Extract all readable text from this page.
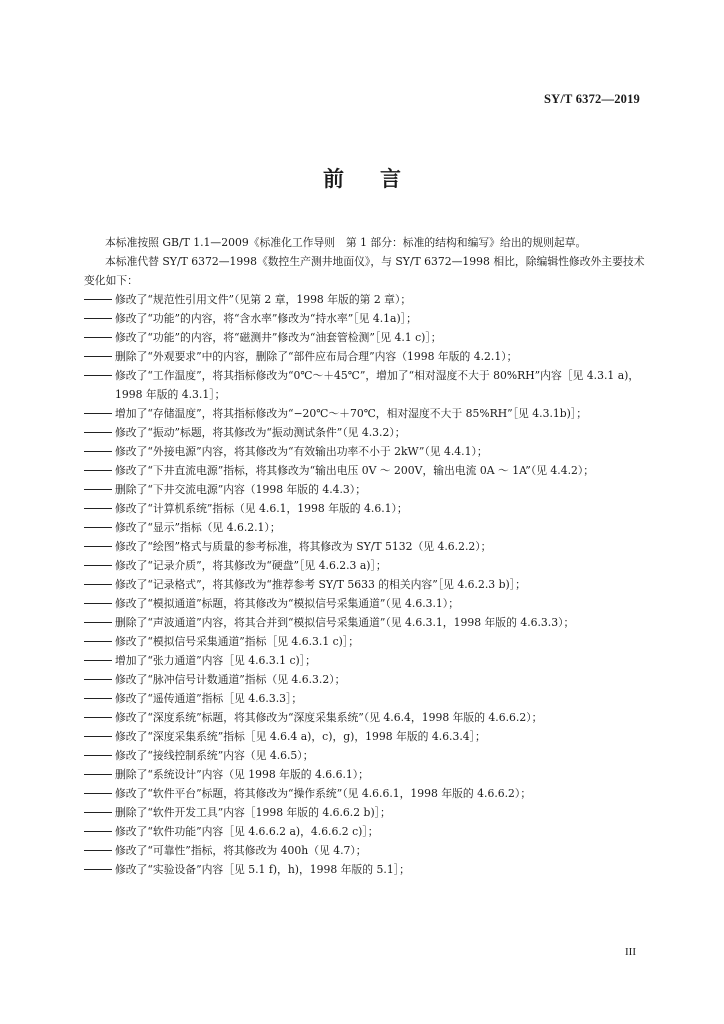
SY/T 6372—2019
前 言

本标准按照 GB/T 1.1—2009《标准化工作导则　第 1 部分：标准的结构和编写》给出的规则起草。

本标准代替 SY/T 6372—1998《数控生产测井地面仪》，与 SY/T 6372—1998 相比，除编辑性修改外主要技术变化如下：

修改了“规范性引用文件”（见第 2 章，1998 年版的第 2 章）；

修改了“功能”的内容，将“含水率”修改为“持水率”［见 4.1a)］；

修改了“功能”的内容，将“磁测井”修改为“油套管检测”［见 4.1 c)］；

删除了“外观要求”中的内容，删除了“部件应布局合理”内容（1998 年版的 4.2.1）；

修改了“工作温度”，将其指标修改为“0℃～＋45℃”，增加了“相对湿度不大于 80%RH”内容［见 4.3.1 a)，1998 年版的 4.3.1］；

增加了“存储温度”，将其指标修改为“−20℃～＋70℃，相对湿度不大于 85%RH”［见 4.3.1b)］；

修改了“振动”标题，将其修改为“振动测试条件”（见 4.3.2）；

修改了“外接电源”内容，将其修改为“有效输出功率不小于 2kW”（见 4.4.1）；

修改了“下井直流电源”指标，将其修改为“输出电压 0V ～ 200V，输出电流 0A ～ 1A”（见 4.4.2）；

删除了“下井交流电源”内容（1998 年版的 4.4.3）；

修改了“计算机系统”指标（见 4.6.1，1998 年版的 4.6.1）；

修改了“显示”指标（见 4.6.2.1）；

修改了“绘图”格式与质量的参考标准，将其修改为 SY/T 5132（见 4.6.2.2）；

修改了“记录介质”，将其修改为“硬盘”［见 4.6.2.3 a)］；

修改了“记录格式”，将其修改为“推荐参考 SY/T 5633 的相关内容”［见 4.6.2.3 b)］；

修改了“模拟通道”标题，将其修改为“模拟信号采集通道”（见 4.6.3.1）；

删除了“声波通道”内容，将其合并到“模拟信号采集通道”（见 4.6.3.1，1998 年版的 4.6.3.3）；

修改了“模拟信号采集通道”指标［见 4.6.3.1 c)］；

增加了“张力通道”内容［见 4.6.3.1 c)］；

修改了“脉冲信号计数通道”指标（见 4.6.3.2）；

修改了“遥传通道”指标［见 4.6.3.3］；

修改了“深度系统”标题，将其修改为“深度采集系统”（见 4.6.4，1998 年版的 4.6.6.2）；

修改了“深度采集系统”指标［见 4.6.4 a)，c)，g)，1998 年版的 4.6.3.4］；

修改了“接线控制系统”内容（见 4.6.5）；

删除了“系统设计”内容（见 1998 年版的 4.6.6.1）；

修改了“软件平台”标题，将其修改为“操作系统”（见 4.6.6.1，1998 年版的 4.6.6.2）；

删除了“软件开发工具”内容［1998 年版的 4.6.6.2 b)］；

修改了“软件功能”内容［见 4.6.6.2 a)，4.6.6.2 c)］；

修改了“可靠性”指标，将其修改为 400h（见 4.7）；

修改了“实验设备”内容［见 5.1 f)，h)，1998 年版的 5.1］；

III
